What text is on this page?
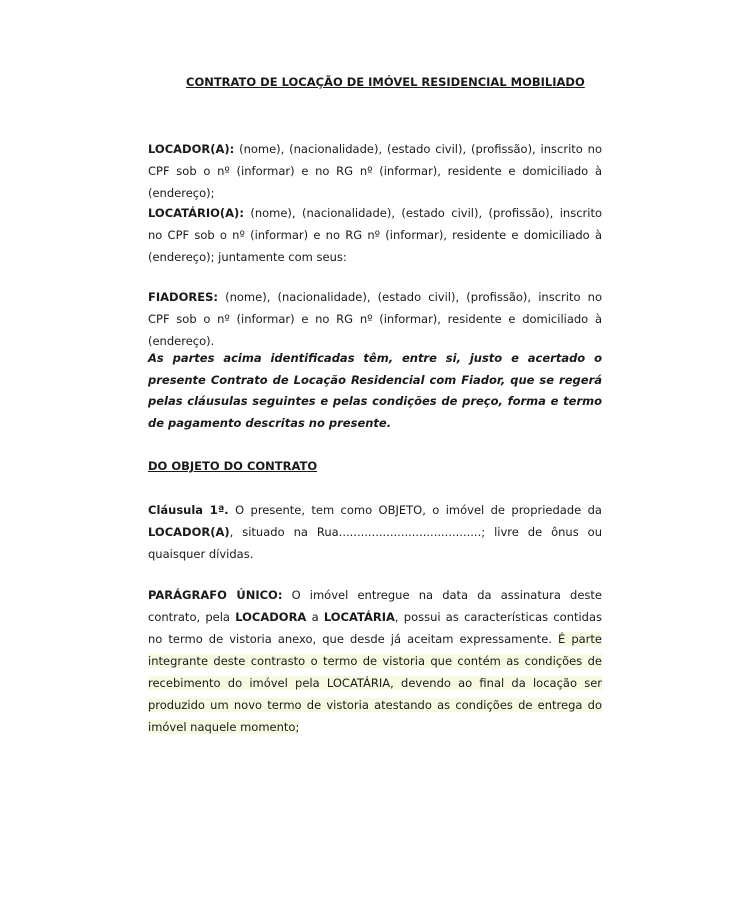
CONTRATO DE LOCAÇÃO DE IMÓVEL RESIDENCIAL MOBILIADO

LOCADOR(A): (nome), (nacionalidade), (estado civil), (profissão), inscrito no CPF sob o nº (informar) e no RG nº (informar), residente e domiciliado à (endereço);

LOCATÁRIO(A): (nome), (nacionalidade), (estado civil), (profissão), inscrito no CPF sob o nº (informar) e no RG nº (informar), residente e domiciliado à (endereço); juntamente com seus:

FIADORES: (nome), (nacionalidade), (estado civil), (profissão), inscrito no CPF sob o nº (informar) e no RG nº (informar), residente e domiciliado à (endereço).

As partes acima identificadas têm, entre si, justo e acertado o presente Contrato de Locação Residencial com Fiador, que se regerá pelas cláusulas seguintes e pelas condições de preço, forma e termo de pagamento descritas no presente.

DO OBJETO DO CONTRATO

Cláusula 1ª. O presente, tem como OBJETO, o imóvel de propriedade da LOCADOR(A), situado na Rua.......................................; livre de ônus ou quaisquer dívidas.

PARÁGRAFO ÚNICO: O imóvel entregue na data da assinatura deste contrato, pela LOCADORA a LOCATÁRIA, possui as características contidas no termo de vistoria anexo, que desde já aceitam expressamente. É parte integrante deste contrasto o termo de vistoria que contém as condições de recebimento do imóvel pela LOCATÁRIA, devendo ao final da locação ser produzido um novo termo de vistoria atestando as condições de entrega do imóvel naquele momento;
